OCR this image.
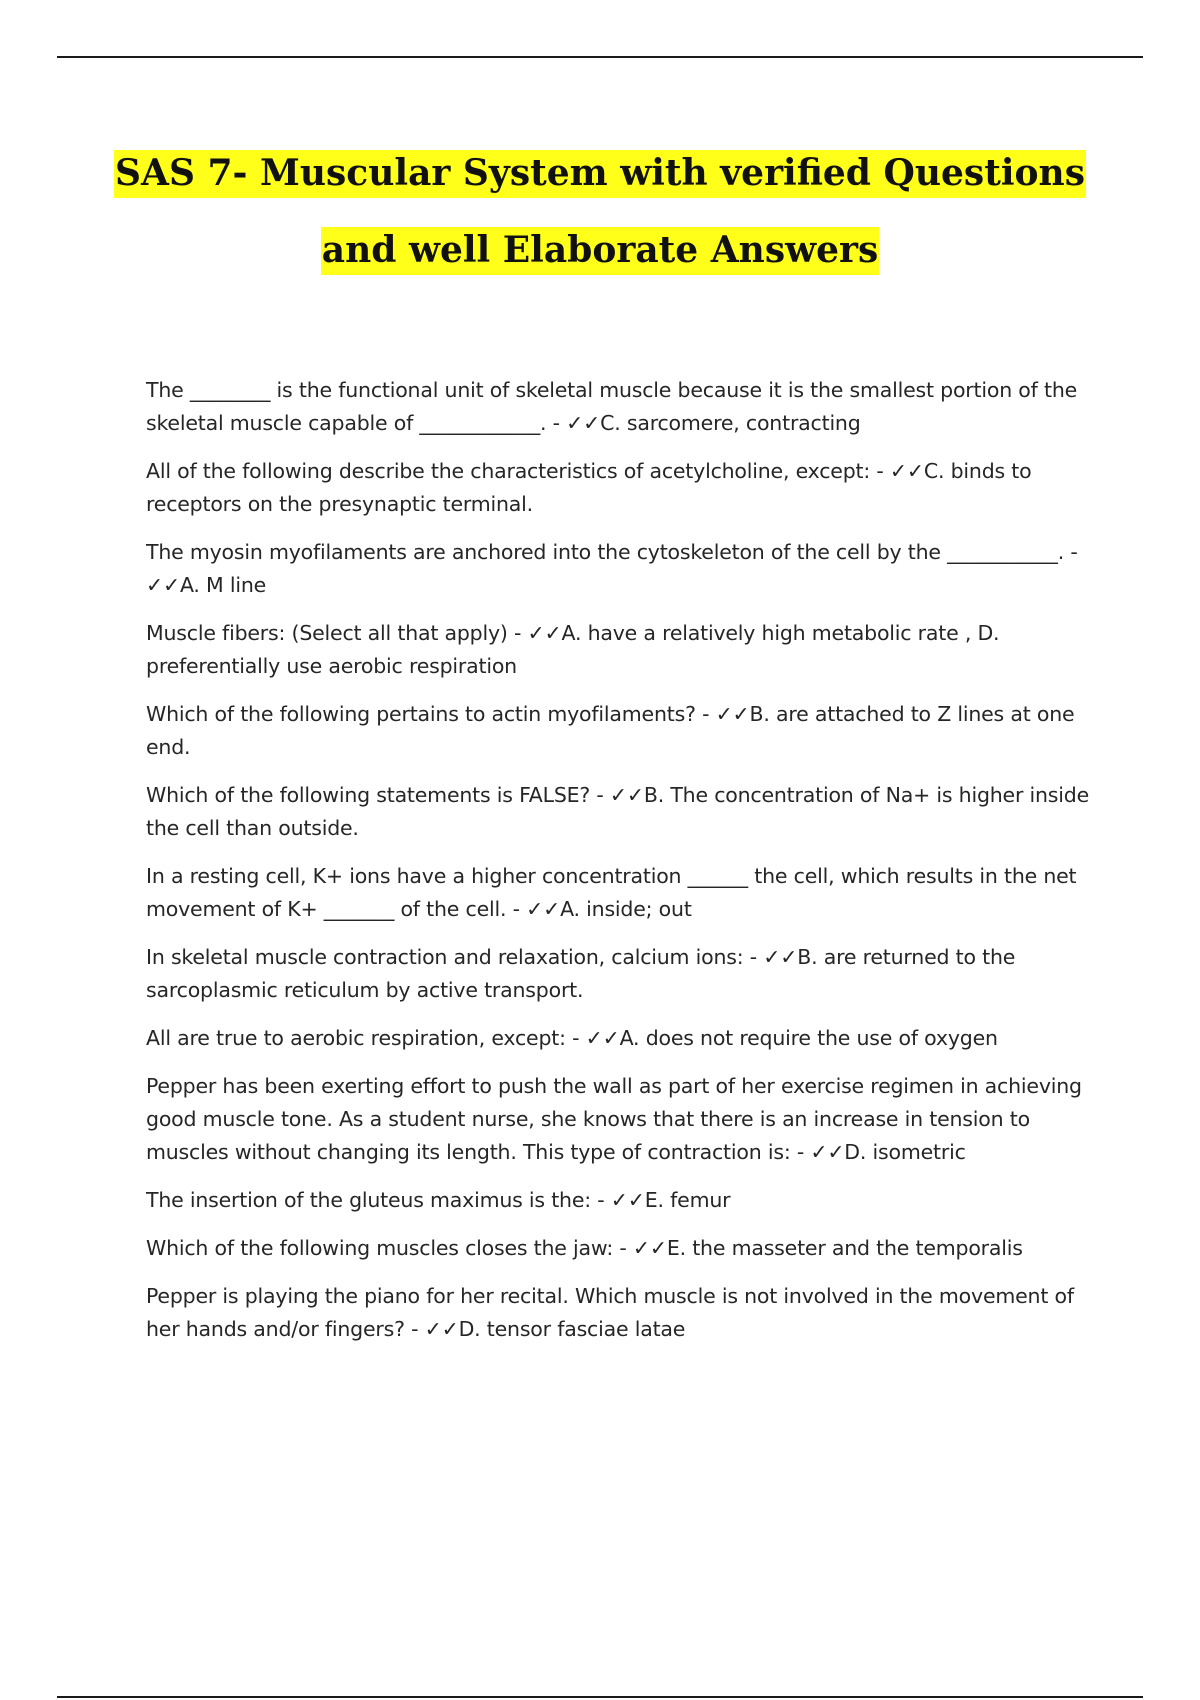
SAS 7- Muscular System with verified Questions
and well Elaborate Answers

The ________ is the functional unit of skeletal muscle because it is the smallest portion of the skeletal muscle capable of ____________. - ✓✓C. sarcomere, contracting

All of the following describe the characteristics of acetylcholine, except: - ✓✓C. binds to receptors on the presynaptic terminal.

The myosin myofilaments are anchored into the cytoskeleton of the cell by the ___________. - ✓✓A. M line

Muscle fibers: (Select all that apply) - ✓✓A. have a relatively high metabolic rate , D. preferentially use aerobic respiration

Which of the following pertains to actin myofilaments? - ✓✓B. are attached to Z lines at one end.

Which of the following statements is FALSE? - ✓✓B. The concentration of Na+ is higher inside the cell than outside.

In a resting cell, K+ ions have a higher concentration ______ the cell, which results in the net movement of K+ _______ of the cell. - ✓✓A. inside; out

In skeletal muscle contraction and relaxation, calcium ions: - ✓✓B. are returned to the sarcoplasmic reticulum by active transport.

All are true to aerobic respiration, except: - ✓✓A. does not require the use of oxygen

Pepper has been exerting effort to push the wall as part of her exercise regimen in achieving good muscle tone. As a student nurse, she knows that there is an increase in tension to muscles without changing its length. This type of contraction is: - ✓✓D. isometric

The insertion of the gluteus maximus is the: - ✓✓E. femur

Which of the following muscles closes the jaw: - ✓✓E. the masseter and the temporalis

Pepper is playing the piano for her recital. Which muscle is not involved in the movement of her hands and/or fingers? - ✓✓D. tensor fasciae latae
